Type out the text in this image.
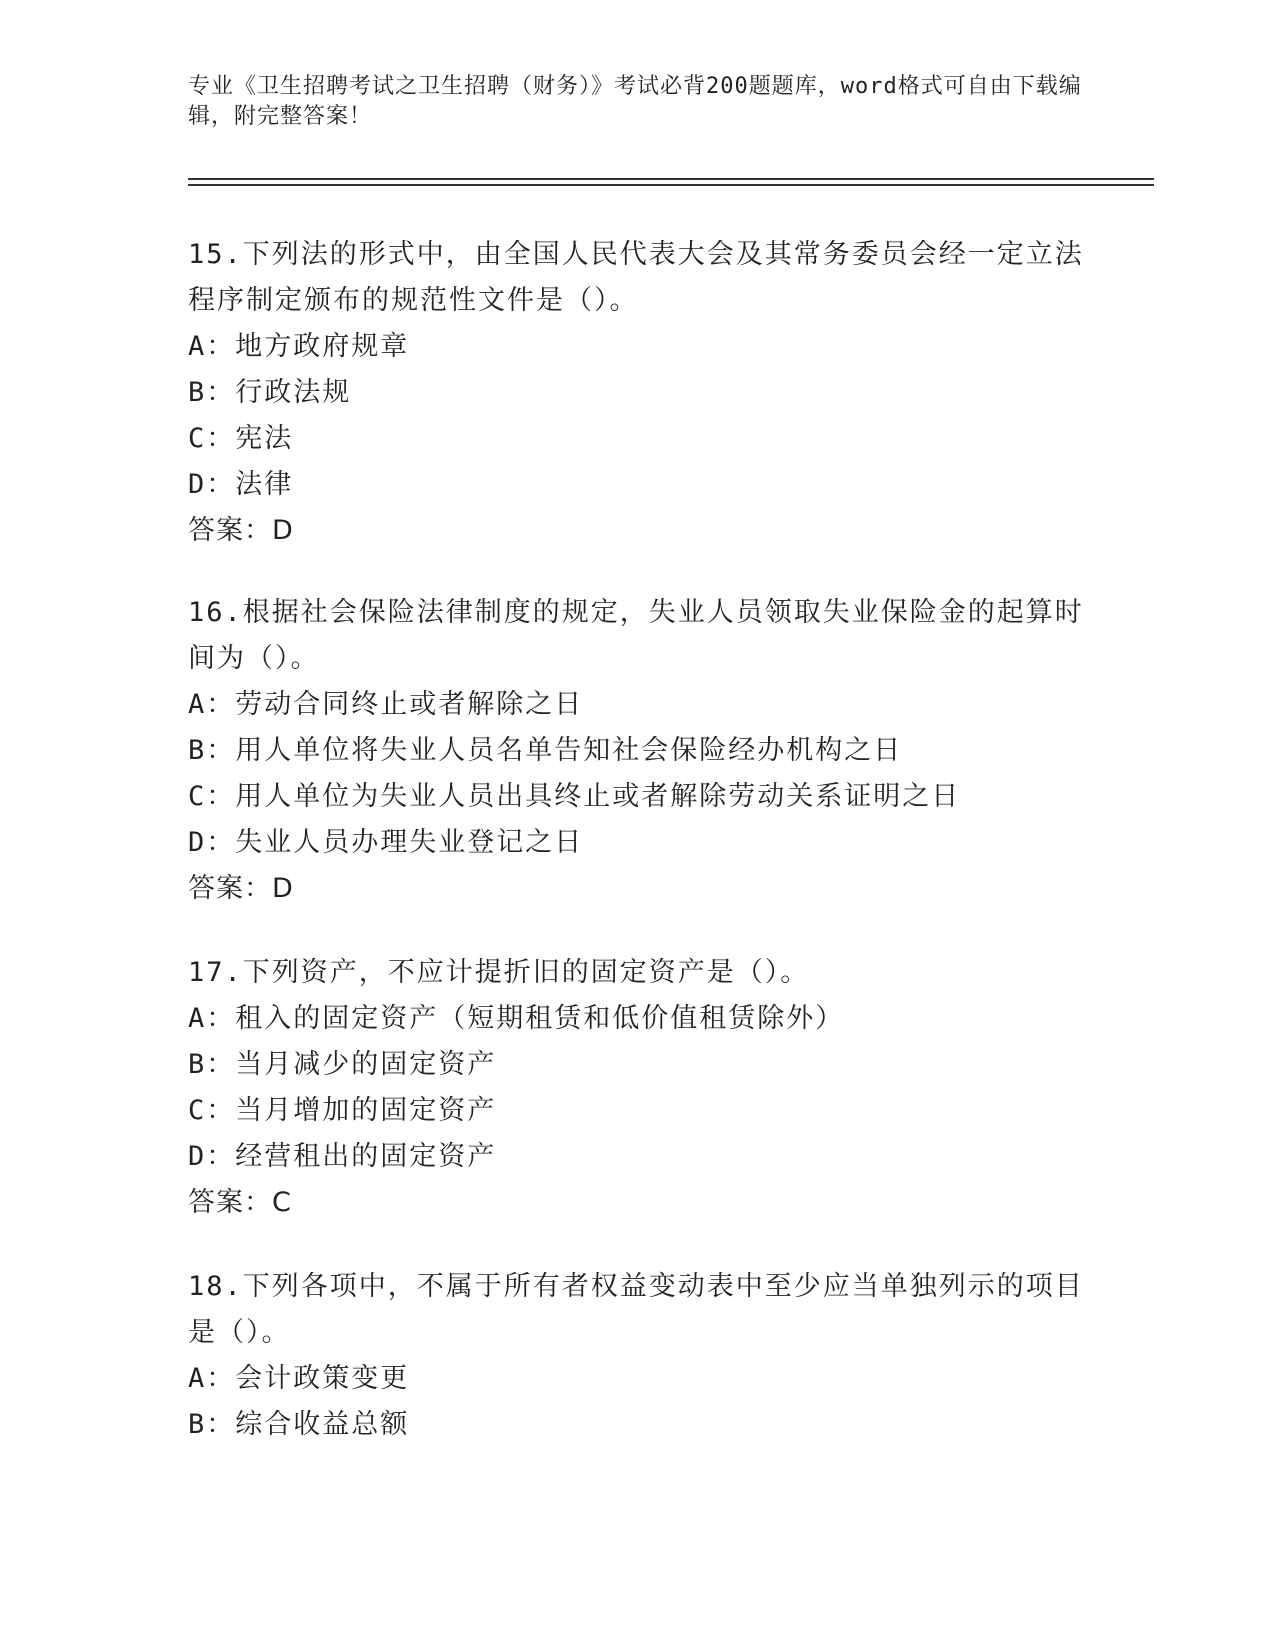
专业《卫生招聘考试之卫生招聘（财务）》考试必背200题题库，word格式可自由下载编辑，附完整答案！
15.下列法的形式中，由全国人民代表大会及其常务委员会经一定立法程序制定颁布的规范性文件是（）。
A：地方政府规章
B：行政法规
C：宪法
D：法律
答案：D
16.根据社会保险法律制度的规定，失业人员领取失业保险金的起算时间为（）。
A：劳动合同终止或者解除之日
B：用人单位将失业人员名单告知社会保险经办机构之日
C：用人单位为失业人员出具终止或者解除劳动关系证明之日
D：失业人员办理失业登记之日
答案：D
17.下列资产，不应计提折旧的固定资产是（）。
A：租入的固定资产（短期租赁和低价值租赁除外）
B：当月减少的固定资产
C：当月增加的固定资产
D：经营租出的固定资产
答案：C
18.下列各项中，不属于所有者权益变动表中至少应当单独列示的项目是（）。
A：会计政策变更
B：综合收益总额
